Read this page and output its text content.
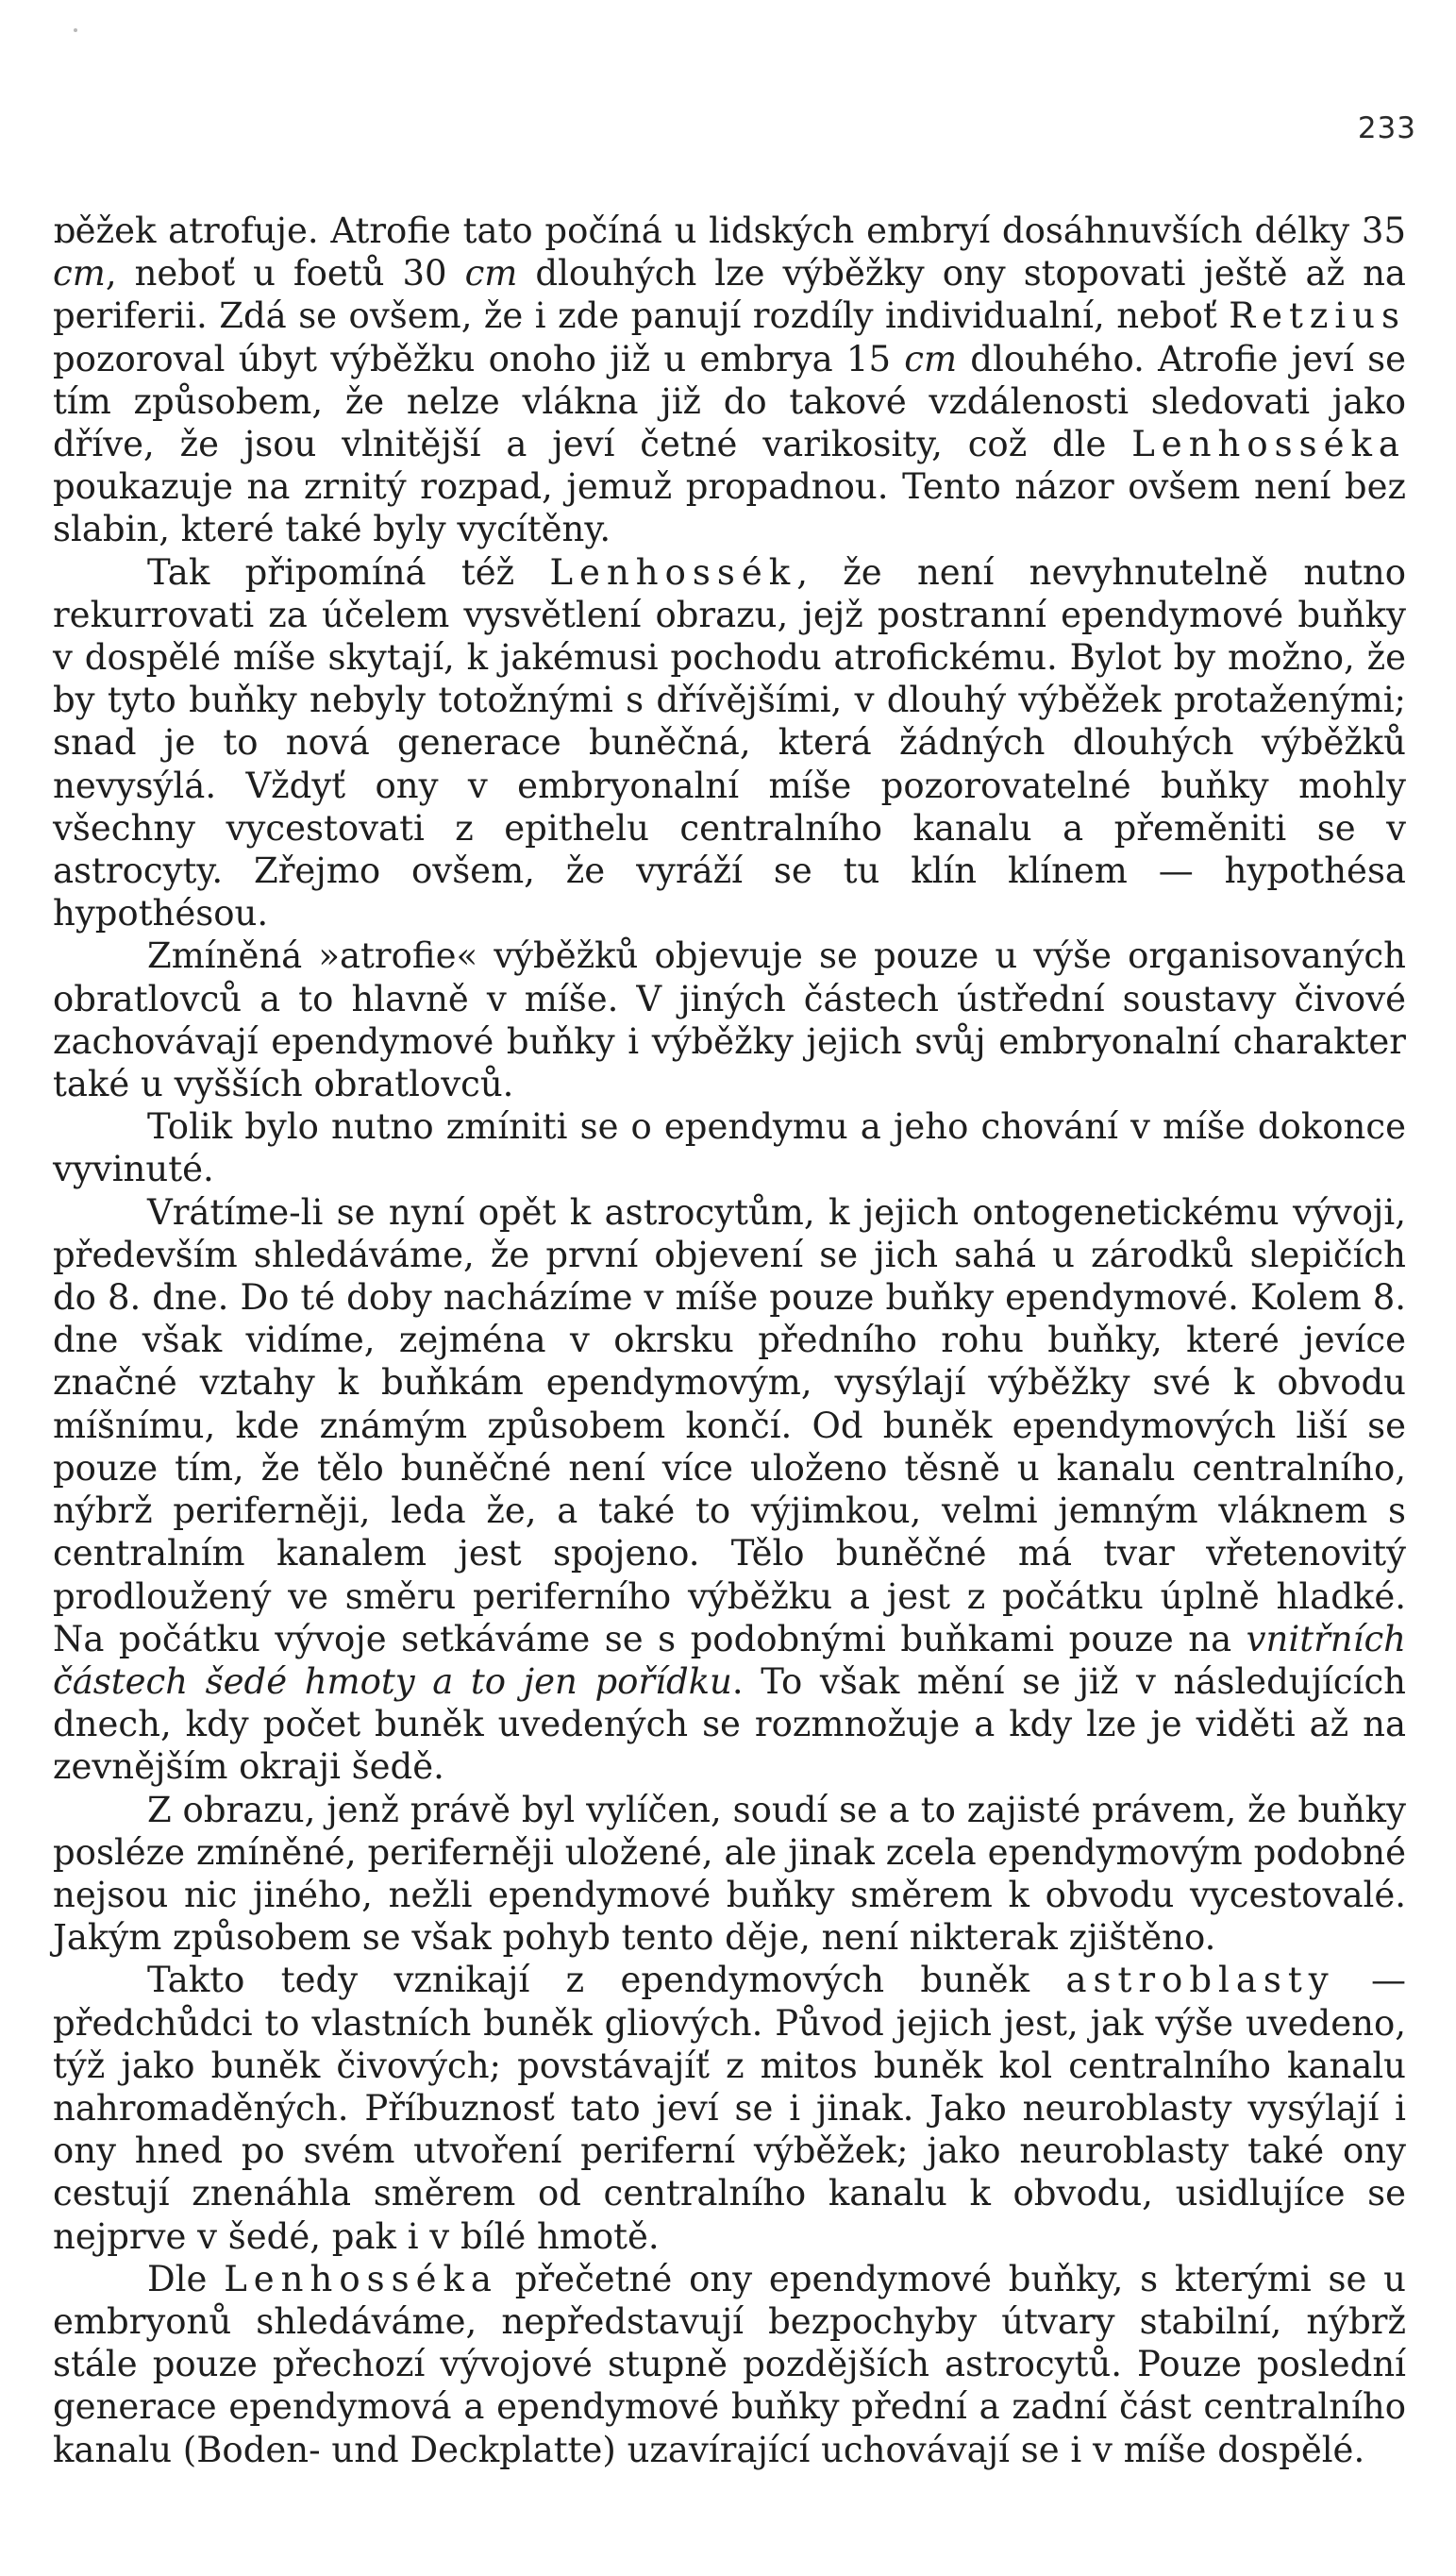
233

ɒěžek atrofuje. Atrofie tato počíná u lidských embryí dosáhnuvších délky 35 cm, neboť u foetů 30 cm dlouhých lze výběžky ony stopovati ještě až na periferii. Zdá se ovšem, že i zde panují rozdíly individualní, neboť Retzius pozoroval úbyt výběžku onoho již u embrya 15 cm dlouhého. Atrofie jeví se tím způsobem, že nelze vlákna již do takové vzdálenosti sledovati jako dříve, že jsou vlnitější a jeví četné varikosity, což dle Lenhosséka poukazuje na zrnitý rozpad, jemuž propadnou. Tento názor ovšem není bez slabin, které také byly vycítěny.

Tak připomíná též Lenhossék, že není nevyhnutelně nutno rekurrovati za účelem vysvětlení obrazu, jejž postranní ependymové buňky v dospělé míše skytají, k jakémusi pochodu atrofickému. Bylot by možno, že by tyto buňky nebyly totožnými s dřívějšími, v dlouhý výběžek protaženými; snad je to nová generace buněčná, která žádných dlouhých výběžků nevysýlá. Vždyť ony v embryonalní míše pozorovatelné buňky mohly všechny vycestovati z epithelu centralního kanalu a přeměniti se v astrocyty. Zřejmo ovšem, že vyráží se tu klín klínem — hypothésa hypothésou.

Zmíněná »atrofie« výběžků objevuje se pouze u výše organisovaných obratlovců a to hlavně v míše. V jiných částech ústřední soustavy čivové zachovávají ependymové buňky i výběžky jejich svůj embryonalní charakter také u vyšších obratlovců.

Tolik bylo nutno zmíniti se o ependymu a jeho chování v míše dokonce vyvinuté.

Vrátíme-li se nyní opět k astrocytům, k jejich ontogenetickému vývoji, především shledáváme, že první objevení se jich sahá u zárodků slepičích do 8. dne. Do té doby nacházíme v míše pouze buňky ependymové. Kolem 8. dne však vidíme, zejména v okrsku předního rohu buňky, které jevíce značné vztahy k buňkám ependymovým, vysýlají výběžky své k obvodu míšnímu, kde známým způsobem končí. Od buněk ependymových liší se pouze tím, že tělo buněčné není více uloženo těsně u kanalu centralního, nýbrž periferněji, leda že, a také to výjimkou, velmi jemným vláknem s centralním kanalem jest spojeno. Tělo buněčné má tvar vřetenovitý prodloužený ve směru periferního výběžku a jest z počátku úplně hladké. Na počátku vývoje setkáváme se s podobnými buňkami pouze na vnitřních částech šedé hmoty a to jen pořídku. To však mění se již v následujících dnech, kdy počet buněk uvedených se rozmnožuje a kdy lze je viděti až na zevnějším okraji šedě.

Z obrazu, jenž právě byl vylíčen, soudí se a to zajisté právem, že buňky posléze zmíněné, periferněji uložené, ale jinak zcela ependymovým podobné nejsou nic jiného, nežli ependymové buňky směrem k obvodu vycestovalé. Jakým způsobem se však pohyb tento děje, není nikterak zjištěno.

Takto tedy vznikají z ependymových buněk astroblasty — předchůdci to vlastních buněk gliových. Původ jejich jest, jak výše uvedeno, týž jako buněk čivových; povstávajíť z mitos buněk kol centralního kanalu nahromaděných. Příbuznosť tato jeví se i jinak. Jako neuroblasty vysýlají i ony hned po svém utvoření periferní výběžek; jako neuroblasty také ony cestují znenáhla směrem od centralního kanalu k obvodu, usidlujíce se nejprve v šedé, pak i v bílé hmotě.

Dle Lenhosséka přečetné ony ependymové buňky, s kterými se u embryonů shledáváme, nepředstavují bezpochyby útvary stabilní, nýbrž stále pouze přechozí vývojové stupně pozdějších astrocytů. Pouze poslední generace ependymová a ependymové buňky přední a zadní část centralního kanalu (Boden- und Deckplatte) uzavírající uchovávají se i v míše dospělé.
